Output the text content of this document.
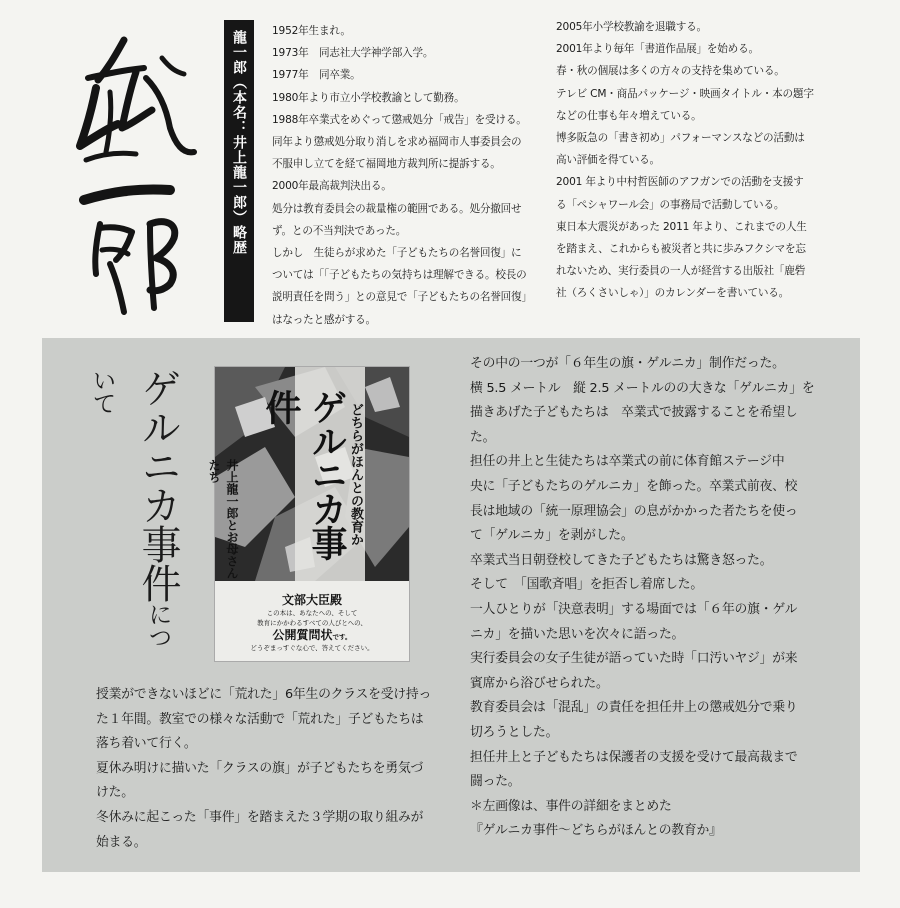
龍一郎（本名：井上龍一郎）略歴 1952年生まれ。

1973年　同志社大学神学部入学。

1977年　同卒業。

1980年より市立小学校教諭として勤務。

1988年卒業式をめぐって懲戒処分「戒告」を受ける。

同年より懲戒処分取り消しを求め福岡市人事委員会の

不服申し立てを経て福岡地方裁判所に提訴する。

2000年最高裁判決出る。

処分は教育委員会の裁量権の範囲である。処分撤回せ

ず。との不当判決であった。

しかし　生徒らが求めた「子どもたちの名誉回復」に

ついては「「子どもたちの気持ちは理解できる。校長の

説明責任を問う」との意見で「子どもたちの名誉回復」

はなったと感がする。

2005年小学校教諭を退職する。

2001年より毎年「書道作品展」を始める。

春・秋の個展は多くの方々の支持を集めている。

テレビ CM・商品パッケージ・映画タイトル・本の題字

などの仕事も年々増えている。

博多阪急の「書き初め」パフォーマンスなどの活動は

高い評価を得ている。

2001 年より中村哲医師のアフガンでの活動を支援す

る「ペシャワール会」の事務局で活動している。

東日本大震災があった 2011 年より、これまでの人生

を踏まえ、これからも被災者と共に歩みフクシマを忘

れないため、実行委員の一人が経営する出版社「鹿砦

社（ろくさいしゃ）」のカレンダーを書いている。

ゲルニカ事件について	ゲルニカ事件	どちらがほんとの教育か
井上龍一郎とお母さんたち
文部大臣殿
この本は、あなたへの、そして
教育にかかわるすべての人びとへの、
公開質問状です。
どうぞまっすぐな心で、答えてください。

授業ができないほどに「荒れた」6年生のクラスを受け持っ

た１年間。教室での様々な活動で「荒れた」子どもたちは

落ち着いて行く。

夏休み明けに描いた「クラスの旗」が子どもたちを勇気づ

けた。

冬休みに起こった「事件」を踏まえた３学期の取り組みが

始まる。

その中の一つが「６年生の旗・ゲルニカ」制作だった。

横 5.5 メートル　縦 2.5 メートルのの大きな「ゲルニカ」を

描きあげた子どもたちは　卒業式で披露することを希望し

た。

担任の井上と生徒たちは卒業式の前に体育館ステージ中

央に「子どもたちのゲルニカ」を飾った。卒業式前夜、校

長は地域の「統一原理協会」の息がかかった者たちを使っ

て「ゲルニカ」を剥がした。

卒業式当日朝登校してきた子どもたちは驚き怒った。

そして　「国歌斉唱」を拒否し着席した。

一人ひとりが「決意表明」する場面では「６年の旗・ゲル

ニカ」を描いた思いを次々に語った。

実行委員会の女子生徒が語っていた時「口汚いヤジ」が来

賓席から浴びせられた。

教育委員会は「混乱」の責任を担任井上の懲戒処分で乗り

切ろうとした。

担任井上と子どもたちは保護者の支援を受けて最高裁まで

闘った。

＊左画像は、事件の詳細をまとめた

『ゲルニカ事件〜どちらがほんとの教育か』
